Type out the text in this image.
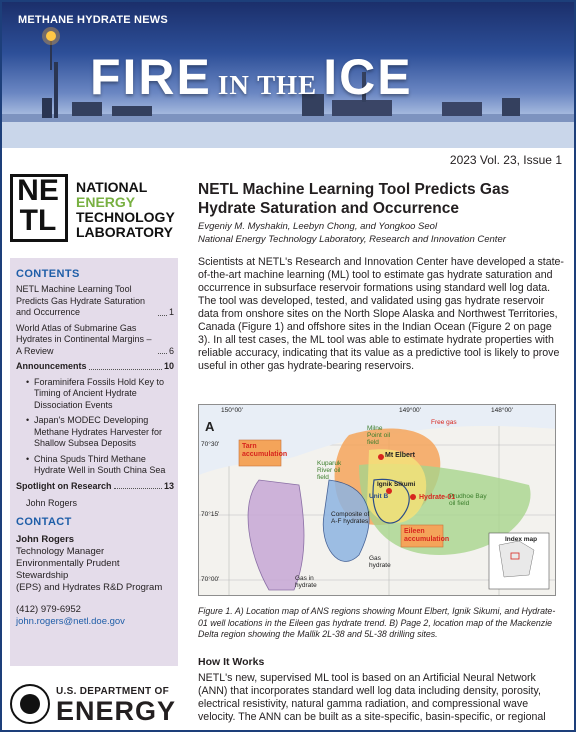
METHANE HYDRATE NEWS
FIRE IN THE ICE
2023 Vol. 23, Issue 1
NE
TL
NATIONAL
ENERGY
TECHNOLOGY
LABORATORY
CONTENTS
NETL Machine Learning Tool Predicts Gas Hydrate Saturation and Occurrence	1
World Atlas of Submarine Gas Hydrates in Continental Margins – A Review	6
Announcements	10
• Foraminifera Fossils Hold Key to Timing of Ancient Hydrate Dissociation Events
• Japan's MODEC Developing Methane Hydrates Harvester for Shallow Subsea Deposits
• China Spuds Third Methane Hydrate Well in South China Sea
Spotlight on Research	13
John Rogers
CONTACT
John Rogers
Technology Manager
Environmentally Prudent Stewardship
(EPS) and Hydrates R&D Program
(412) 979-6952
john.rogers@netl.doe.gov
U.S. DEPARTMENT OF
ENERGY
NETL Machine Learning Tool Predicts Gas Hydrate Saturation and Occurrence
Evgeniy M. Myshakin, Leebyn Chong, and Yongkoo Seol
National Energy Technology Laboratory, Research and Innovation Center
Scientists at NETL's Research and Innovation Center have developed a state-of-the-art machine learning (ML) tool to estimate gas hydrate saturation and occurrence in subsurface reservoir formations using standard well log data. The tool was developed, tested, and validated using gas hydrate reservoir data from onshore sites on the North Slope Alaska and Northwest Territories, Canada (Figure 1) and offshore sites in the Indian Ocean (Figure 2 on page 3). In all test cases, the ML tool was able to estimate hydrate properties with reliable accuracy, indicating that its value as a predictive tool is likely to prove useful in other gas hydrate-bearing reservoirs.
A
150°00'	149°00'	148°00'
70°30'
70°15'
70°00'
Tarn accumulation
Eileen accumulation
Mt Elbert
Ignik Sikumi
Hydrate-01
Free gas
Milne Point oil field
Prudhoe Bay oil field
Kuparuk River oil field
Unit B
Composite of A-F hydrates
Gas hydrate
Gas in hydrate
Index map
Figure 1. A) Location map of ANS regions showing Mount Elbert, Ignik Sikumi, and Hydrate-01 well locations in the Eileen gas hydrate trend. B) Page 2, location map of the Mackenzie Delta region showing the Mallik 2L-38 and 5L-38 drilling sites.
How It Works
NETL's new, supervised ML tool is based on an Artificial Neural Network (ANN) that incorporates standard well log data including density, porosity, electrical resistivity, natural gamma radiation, and compressional wave velocity. The ANN can be built as a site-specific, basin-specific, or regional
